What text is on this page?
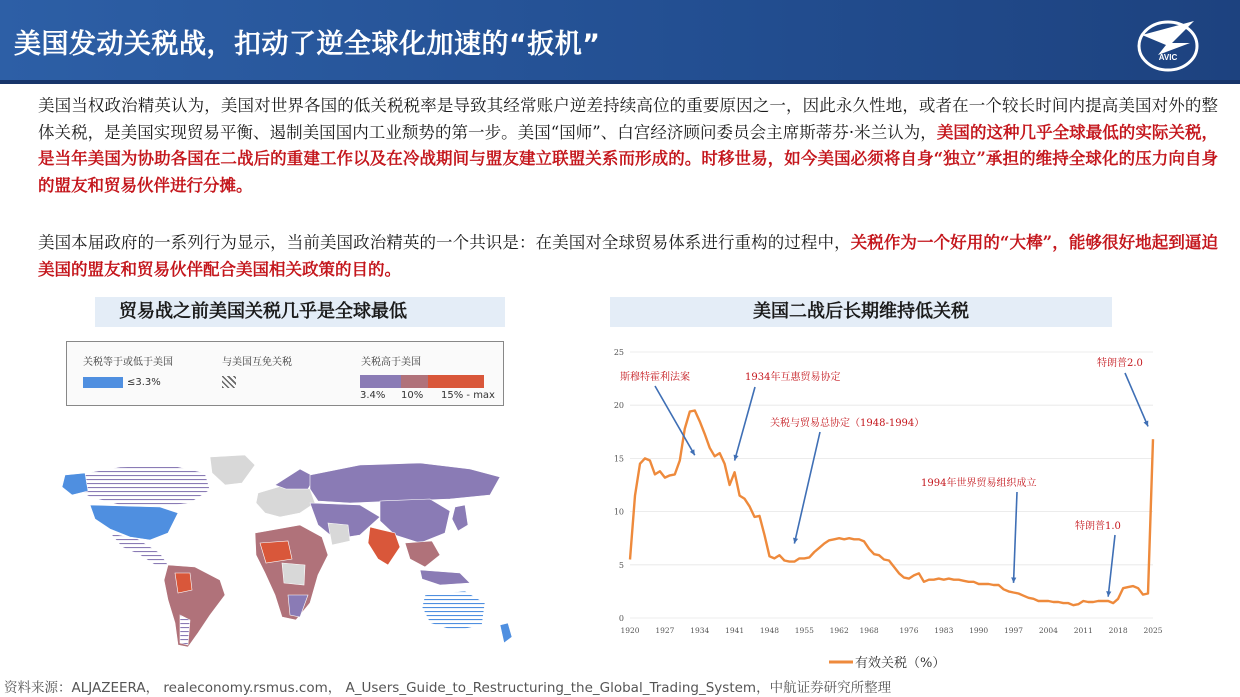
美国发动关税战，扣动了逆全球化加速的“扳机”	AVIC
美国当权政治精英认为，美国对世界各国的低关税税率是导致其经常账户逆差持续高位的重要原因之一，因此永久性地，或者在一个较长时间内提高美国对外的整体关税，是美国实现贸易平衡、遏制美国国内工业颓势的第一步。美国“国师”、白宫经济顾问委员会主席斯蒂芬·米兰认为，美国的这种几乎全球最低的实际关税，是当年美国为协助各国在二战后的重建工作以及在冷战期间与盟友建立联盟关系而形成的。时移世易，如今美国必须将自身“独立”承担的维持全球化的压力向自身的盟友和贸易伙伴进行分摊。
美国本届政府的一系列行为显示，当前美国政治精英的一个共识是：在美国对全球贸易体系进行重构的过程中，关税作为一个好用的“大棒”，能够很好地起到逼迫美国的盟友和贸易伙伴配合美国相关政策的目的。
贸易战之前美国关税几乎是全球最低	美国二战后长期维持低关税
关税等于或低于美国
≤3.3%
与美国互免关税	关税高于美国
3.4% 10% 15% - max
0
5
10
15
20
25
1920 1927 1934 1941 1948 1955 1962 1968	1976 1983 1990 1997 2004 2011 2018 2025
斯穆特霍利法案	1934年互惠贸易协定
关税与贸易总协定（1948-1994）
1994年世界贸易组织成立
特朗普1.0
特朗普2.0
有效关税（%）
资料来源：ALJAZEERA， realeconomy.rsmus.com， A_Users_Guide_to_Restructuring_the_Global_Trading_System，中航证券研究所整理
